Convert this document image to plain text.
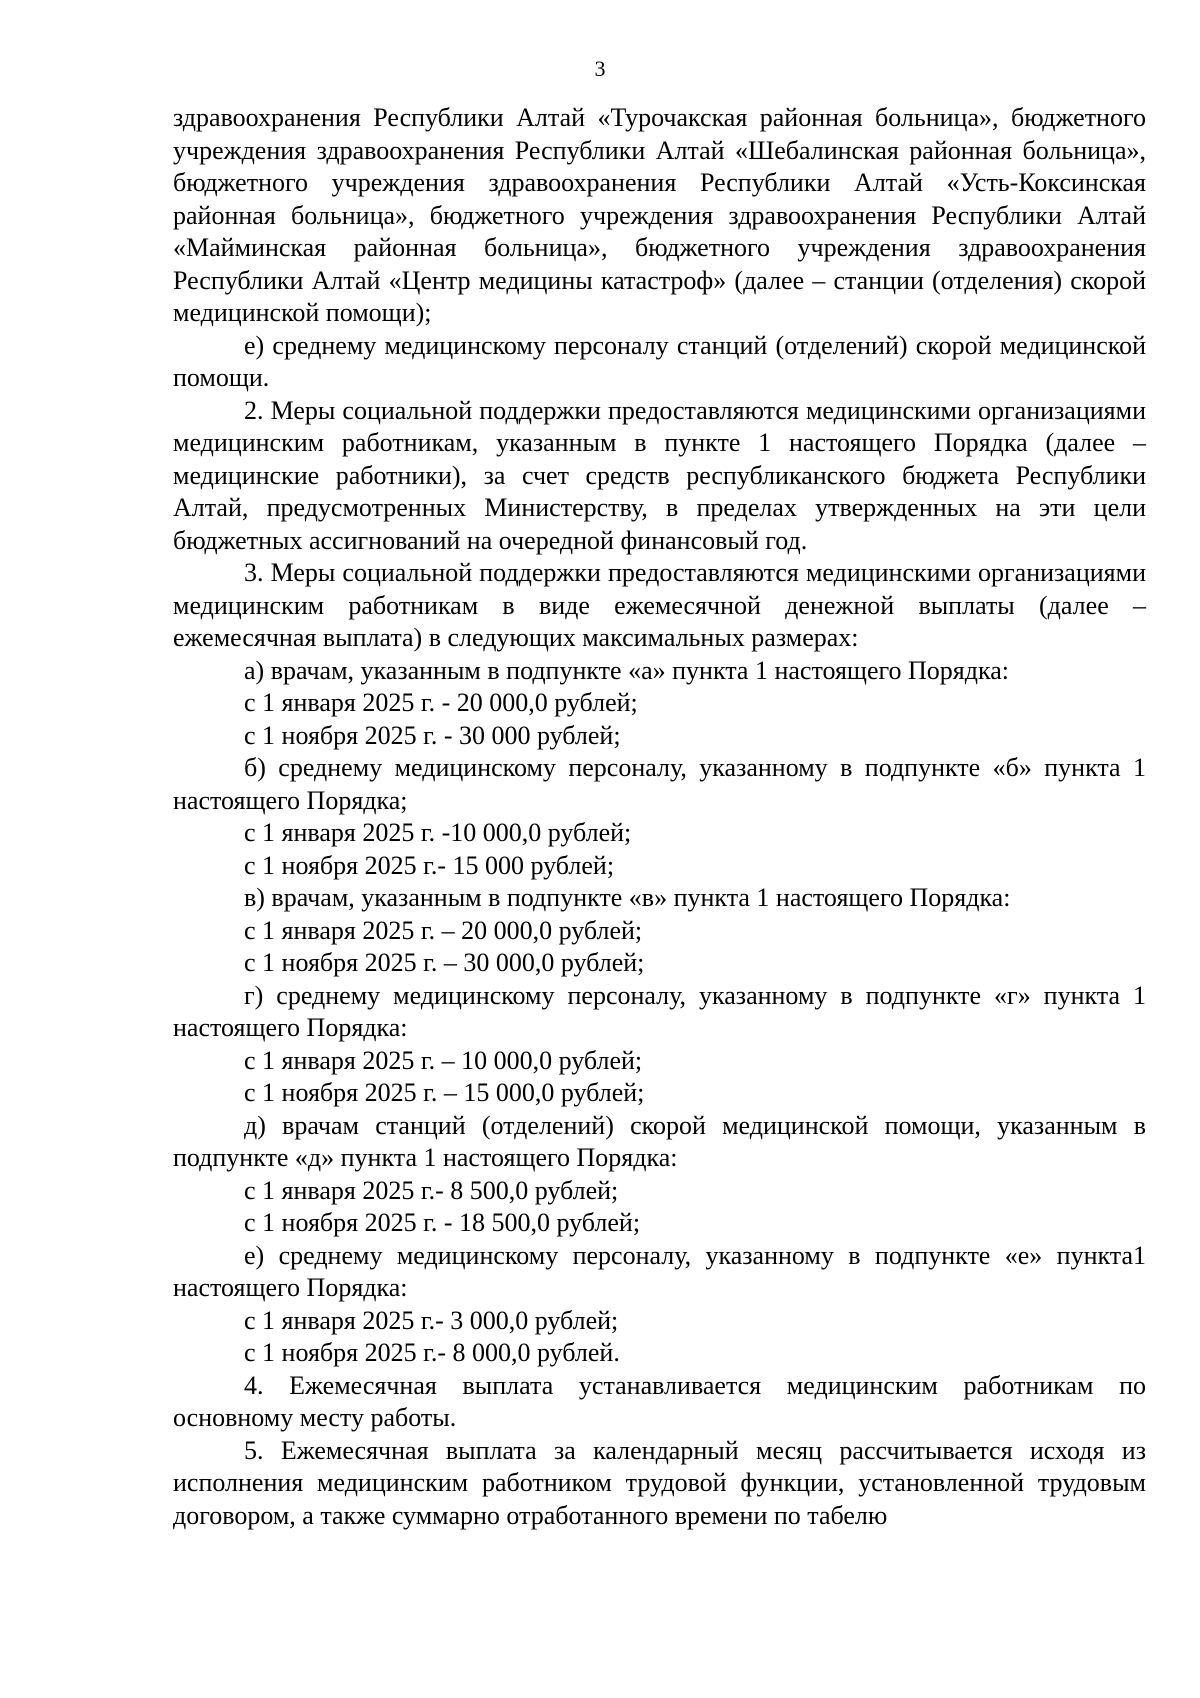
3

здравоохранения Республики Алтай «Турочакская районная больница», бюджетного учреждения здравоохранения Республики Алтай «Шебалинская районная больница», бюджетного учреждения здравоохранения Республики Алтай «Усть-Коксинская районная больница», бюджетного учреждения здравоохранения Республики Алтай «Майминская районная больница», бюджетного учреждения здравоохранения Республики Алтай «Центр медицины катастроф» (далее – станции (отделения) скорой медицинской помощи);

е) среднему медицинскому персоналу станций (отделений) скорой медицинской помощи.

2. Меры социальной поддержки предоставляются медицинскими организациями медицинским работникам, указанным в пункте 1 настоящего Порядка (далее – медицинские работники), за счет средств республиканского бюджета Республики Алтай, предусмотренных Министерству, в пределах утвержденных на эти цели бюджетных ассигнований на очередной финансовый год.

3. Меры социальной поддержки предоставляются медицинскими организациями медицинским работникам в виде ежемесячной денежной выплаты (далее – ежемесячная выплата) в следующих максимальных размерах:

а) врачам, указанным в подпункте «а» пункта 1 настоящего Порядка:

с 1 января 2025 г. - 20 000,0 рублей;

с 1 ноября 2025 г. - 30 000 рублей;

б) среднему медицинскому персоналу, указанному в подпункте «б» пункта 1 настоящего Порядка;

с 1 января 2025 г. -10 000,0 рублей;

с 1 ноября 2025 г.- 15 000 рублей;

в) врачам, указанным в подпункте «в» пункта 1 настоящего Порядка:

с 1 января 2025 г. – 20 000,0 рублей;

с 1 ноября 2025 г. – 30 000,0 рублей;

г) среднему медицинскому персоналу, указанному в подпункте «г» пункта 1 настоящего Порядка:

с 1 января 2025 г. – 10 000,0 рублей;

с 1 ноября 2025 г. – 15 000,0 рублей;

д) врачам станций (отделений) скорой медицинской помощи, указанным в подпункте «д» пункта 1 настоящего Порядка:

с 1 января 2025 г.- 8 500,0 рублей;

с 1 ноября 2025 г. - 18 500,0 рублей;

е) среднему медицинскому персоналу, указанному в подпункте «е» пункта1 настоящего Порядка:

с 1 января 2025 г.- 3 000,0 рублей;

с 1 ноября 2025 г.- 8 000,0 рублей.

4. Ежемесячная выплата устанавливается медицинским работникам по основному месту работы.

5. Ежемесячная выплата за календарный месяц рассчитывается исходя из исполнения медицинским работником трудовой функции, установленной трудовым договором, а также суммарно отработанного времени по табелю
